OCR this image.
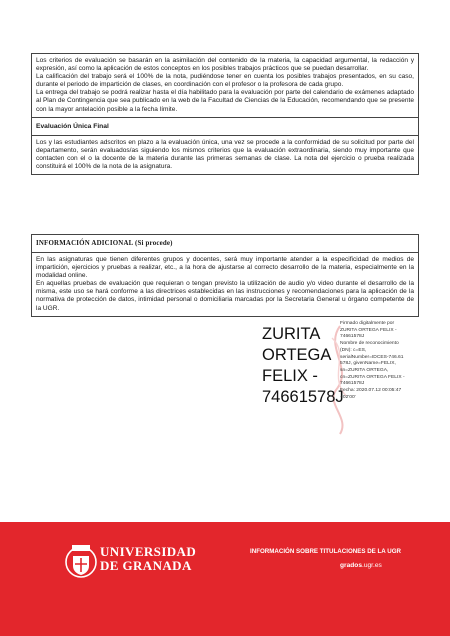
Los criterios de evaluación se basarán en la asimilación del contenido de la materia, la capacidad argumental, la redacción y expresión, así como la aplicación de estos conceptos en los posibles trabajos prácticos que se puedan desarrollar.

La calificación del trabajo será el 100% de la nota, pudiéndose tener en cuenta los posibles trabajos presentados, en su caso, durante el periodo de impartición de clases, en coordinación con el profesor o la profesora de cada grupo.

La entrega del trabajo se podrá realizar hasta el día habilitado para la evaluación por parte del calendario de exámenes adaptado al Plan de Contingencia que sea publicado en la web de la Facultad de Ciencias de la Educación, recomendando que se presente con la mayor antelación posible a la fecha límite.

Evaluación Única Final

Los y las estudiantes adscritos en plazo a la evaluación única, una vez se procede a la conformidad de su solicitud por parte del departamento, serán evaluados/as siguiendo los mismos criterios que la evaluación extraordinaria, siendo muy importante que contacten con el o la docente de la materia durante las primeras semanas de clase. La nota del ejercicio o prueba realizada constituirá el 100% de la nota de la asignatura.

INFORMACIÓN ADICIONAL (Si procede)

En las asignaturas que tienen diferentes grupos y docentes, será muy importante atender a la especificidad de medios de impartición, ejercicios y pruebas a realizar, etc., a la hora de ajustarse al correcto desarrollo de la materia, especialmente en la modalidad online.

En aquellas pruebas de evaluación que requieran o tengan previsto la utilización de audio y/o video durante el desarrollo de la misma, este uso se hará conforme a las directrices establecidas en las instrucciones y recomendaciones para la aplicación de la normativa de protección de datos, intimidad personal o domiciliaria marcadas por la Secretaria General u órgano competente de la UGR.

ZURITA
ORTEGA
FELIX -
74661578J
Firmado digitalmente por
ZURITA ORTEGA FELIX -
74661578J
Nombre de reconocimiento
(DN): c=ES,
serialNumber=IDCES-746.61
578J, givenName=FELIX,
sn=ZURITA ORTEGA,
cn=ZURITA ORTEGA FELIX -
74661578J
Fecha: 2020.07.12 00:05:47
+02'00'
UNIVERSIDAD
DE GRANADA
INFORMACIÓN SOBRE TITULACIONES DE LA UGR
grados.ugr.es
